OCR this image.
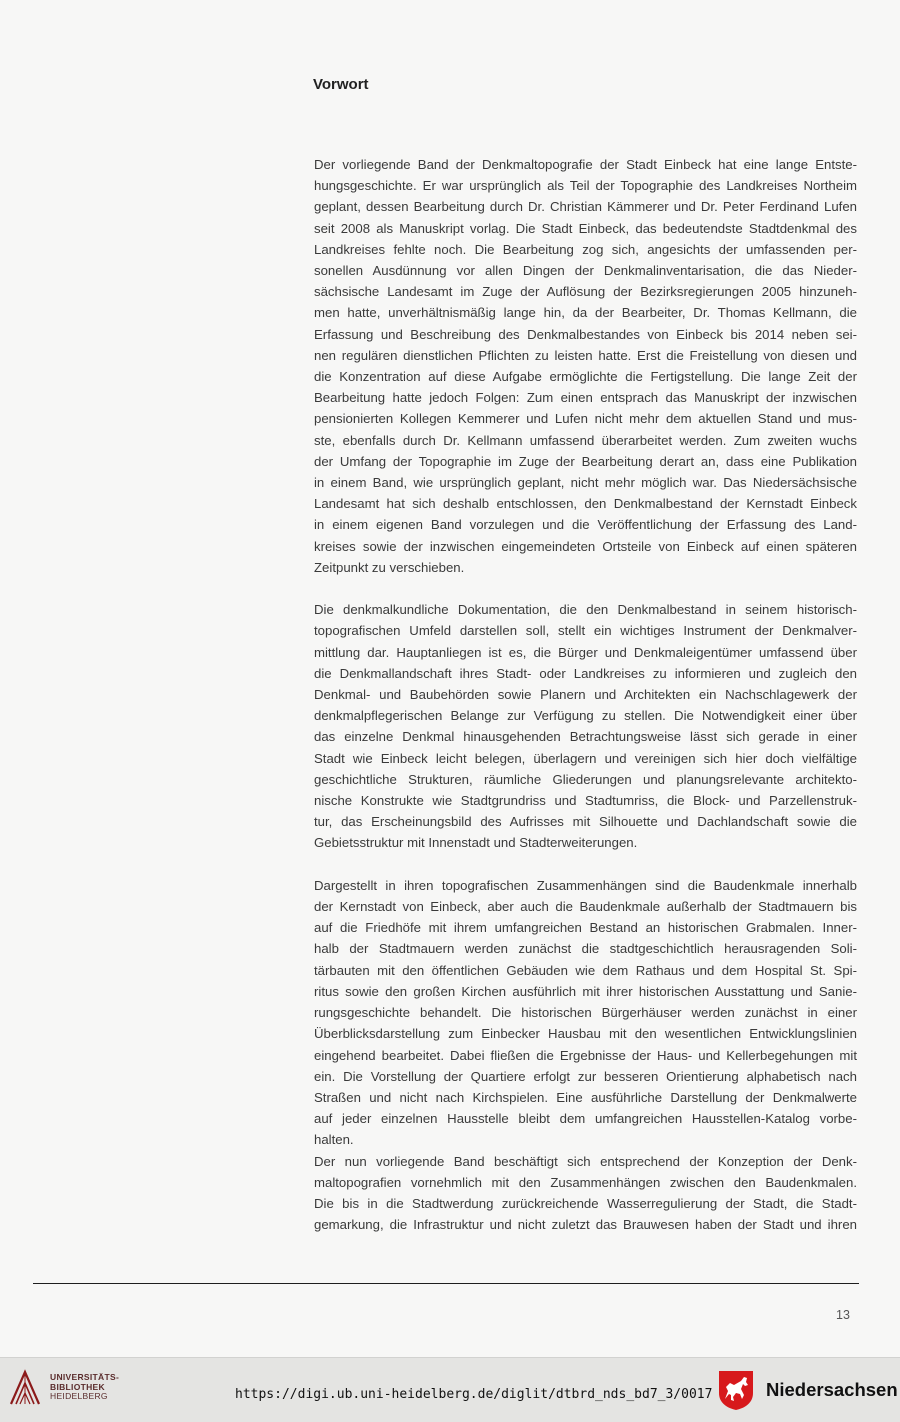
Vorwort
Der vorliegende Band der Denkmaltopografie der Stadt Einbeck hat eine lange Entste-
hungsgeschichte. Er war ursprünglich als Teil der Topographie des Landkreises Northeim
geplant, dessen Bearbeitung durch Dr. Christian Kämmerer und Dr. Peter Ferdinand Lufen
seit 2008 als Manuskript vorlag. Die Stadt Einbeck, das bedeutendste Stadtdenkmal des
Landkreises fehlte noch. Die Bearbeitung zog sich, angesichts der umfassenden per-
sonellen Ausdünnung vor allen Dingen der Denkmalinventarisation, die das Nieder-
sächsische Landesamt im Zuge der Auflösung der Bezirksregierungen 2005 hinzuneh-
men hatte, unverhältnismäßig lange hin, da der Bearbeiter, Dr. Thomas Kellmann, die
Erfassung und Beschreibung des Denkmalbestandes von Einbeck bis 2014 neben sei-
nen regulären dienstlichen Pflichten zu leisten hatte. Erst die Freistellung von diesen und
die Konzentration auf diese Aufgabe ermöglichte die Fertigstellung. Die lange Zeit der
Bearbeitung hatte jedoch Folgen: Zum einen entsprach das Manuskript der inzwischen
pensionierten Kollegen Kemmerer und Lufen nicht mehr dem aktuellen Stand und mus-
ste, ebenfalls durch Dr. Kellmann umfassend überarbeitet werden. Zum zweiten wuchs
der Umfang der Topographie im Zuge der Bearbeitung derart an, dass eine Publikation
in einem Band, wie ursprünglich geplant, nicht mehr möglich war. Das Niedersächsische
Landesamt hat sich deshalb entschlossen, den Denkmalbestand der Kernstadt Einbeck
in einem eigenen Band vorzulegen und die Veröffentlichung der Erfassung des Land-
kreises sowie der inzwischen eingemeindeten Ortsteile von Einbeck auf einen späteren
Zeitpunkt zu verschieben.
Die denkmalkundliche Dokumentation, die den Denkmalbestand in seinem historisch-
topografischen Umfeld darstellen soll, stellt ein wichtiges Instrument der Denkmalver-
mittlung dar. Hauptanliegen ist es, die Bürger und Denkmaleigentümer umfassend über
die Denkmallandschaft ihres Stadt- oder Landkreises zu informieren und zugleich den
Denkmal- und Baubehörden sowie Planern und Architekten ein Nachschlagewerk der
denkmalpflegerischen Belange zur Verfügung zu stellen. Die Notwendigkeit einer über
das einzelne Denkmal hinausgehenden Betrachtungsweise lässt sich gerade in einer
Stadt wie Einbeck leicht belegen, überlagern und vereinigen sich hier doch vielfältige
geschichtliche Strukturen, räumliche Gliederungen und planungsrelevante architekto-
nische Konstrukte wie Stadtgrundriss und Stadtumriss, die Block- und Parzellenstruk-
tur, das Erscheinungsbild des Aufrisses mit Silhouette und Dachlandschaft sowie die
Gebietsstruktur mit Innenstadt und Stadterweiterungen.
Dargestellt in ihren topografischen Zusammenhängen sind die Baudenkmale innerhalb
der Kernstadt von Einbeck, aber auch die Baudenkmale außerhalb der Stadtmauern bis
auf die Friedhöfe mit ihrem umfangreichen Bestand an historischen Grabmalen. Inner-
halb der Stadtmauern werden zunächst die stadtgeschichtlich herausragenden Soli-
tärbauten mit den öffentlichen Gebäuden wie dem Rathaus und dem Hospital St. Spi-
ritus sowie den großen Kirchen ausführlich mit ihrer historischen Ausstattung und Sanie-
rungsgeschichte behandelt. Die historischen Bürgerhäuser werden zunächst in einer
Überblicksdarstellung zum Einbecker Hausbau mit den wesentlichen Entwicklungslinien
eingehend bearbeitet. Dabei fließen die Ergebnisse der Haus- und Kellerbegehungen mit
ein. Die Vorstellung der Quartiere erfolgt zur besseren Orientierung alphabetisch nach
Straßen und nicht nach Kirchspielen. Eine ausführliche Darstellung der Denkmalwerte
auf jeder einzelnen Hausstelle bleibt dem umfangreichen Hausstellen-Katalog vorbe-
halten.
Der nun vorliegende Band beschäftigt sich entsprechend der Konzeption der Denk-
maltopografien vornehmlich mit den Zusammenhängen zwischen den Baudenkmalen.
Die bis in die Stadtwerdung zurückreichende Wasserregulierung der Stadt, die Stadt-
gemarkung, die Infrastruktur und nicht zuletzt das Brauwesen haben der Stadt und ihren
13
UNIVERSITÄTS-
BIBLIOTHEK
HEIDELBERG	https://digi.ub.uni-heidelberg.de/diglit/dtbrd_nds_bd7_3/0017	Niedersachsen
